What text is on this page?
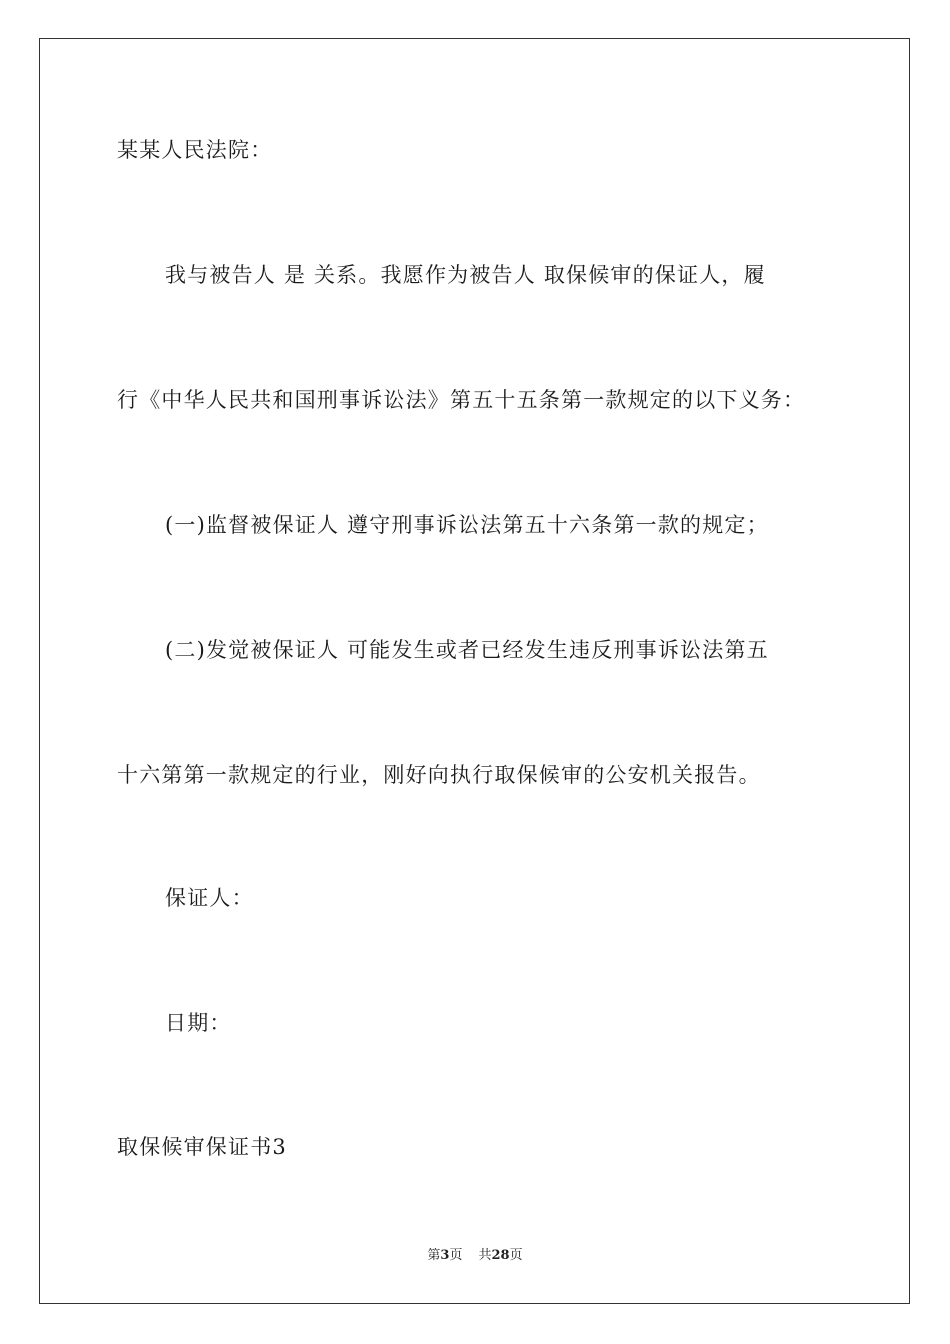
某某人民法院：
我与被告人 是 关系。我愿作为被告人 取保候审的保证人，履
行《中华人民共和国刑事诉讼法》第五十五条第一款规定的以下义务：
(一)监督被保证人 遵守刑事诉讼法第五十六条第一款的规定；
(二)发觉被保证人 可能发生或者已经发生违反刑事诉讼法第五
十六第第一款规定的行业，刚好向执行取保候审的公安机关报告。
保证人：
日期：
取保候审保证书3
第3页 共28页
